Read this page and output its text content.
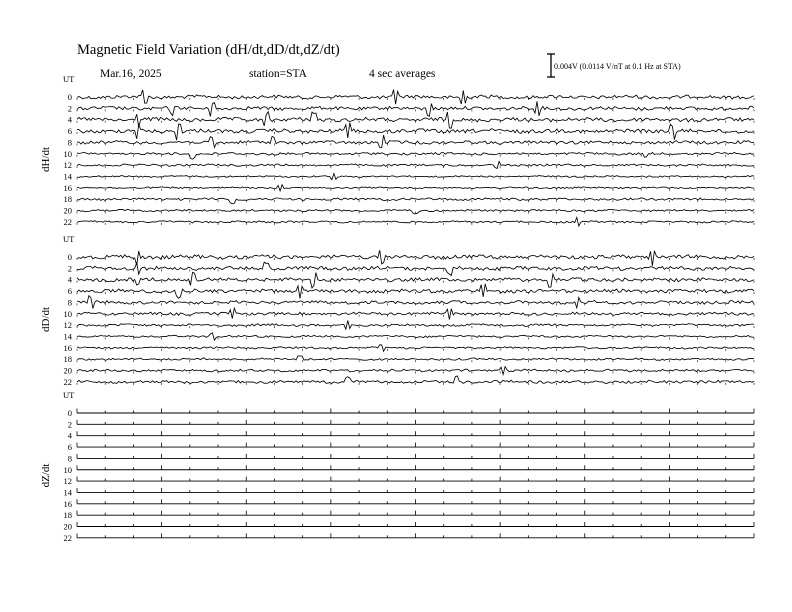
Magnetic Field Variation (dH/dt,dD/dt,dZ/dt)
Mar.16, 2025	station=STA	4 sec averages
0.004V (0.0114 V/nT at 0.1 Hz at STA)
UT
dH/dt
0
2
4
6
8
10
12
14
16
18
20
22
UT
dD/dt
0
2
4
6
8
10
12
14
16
18
20
22
UT
dZ/dt
0
2
4
6
8
10
12
14
16
18
20
22
